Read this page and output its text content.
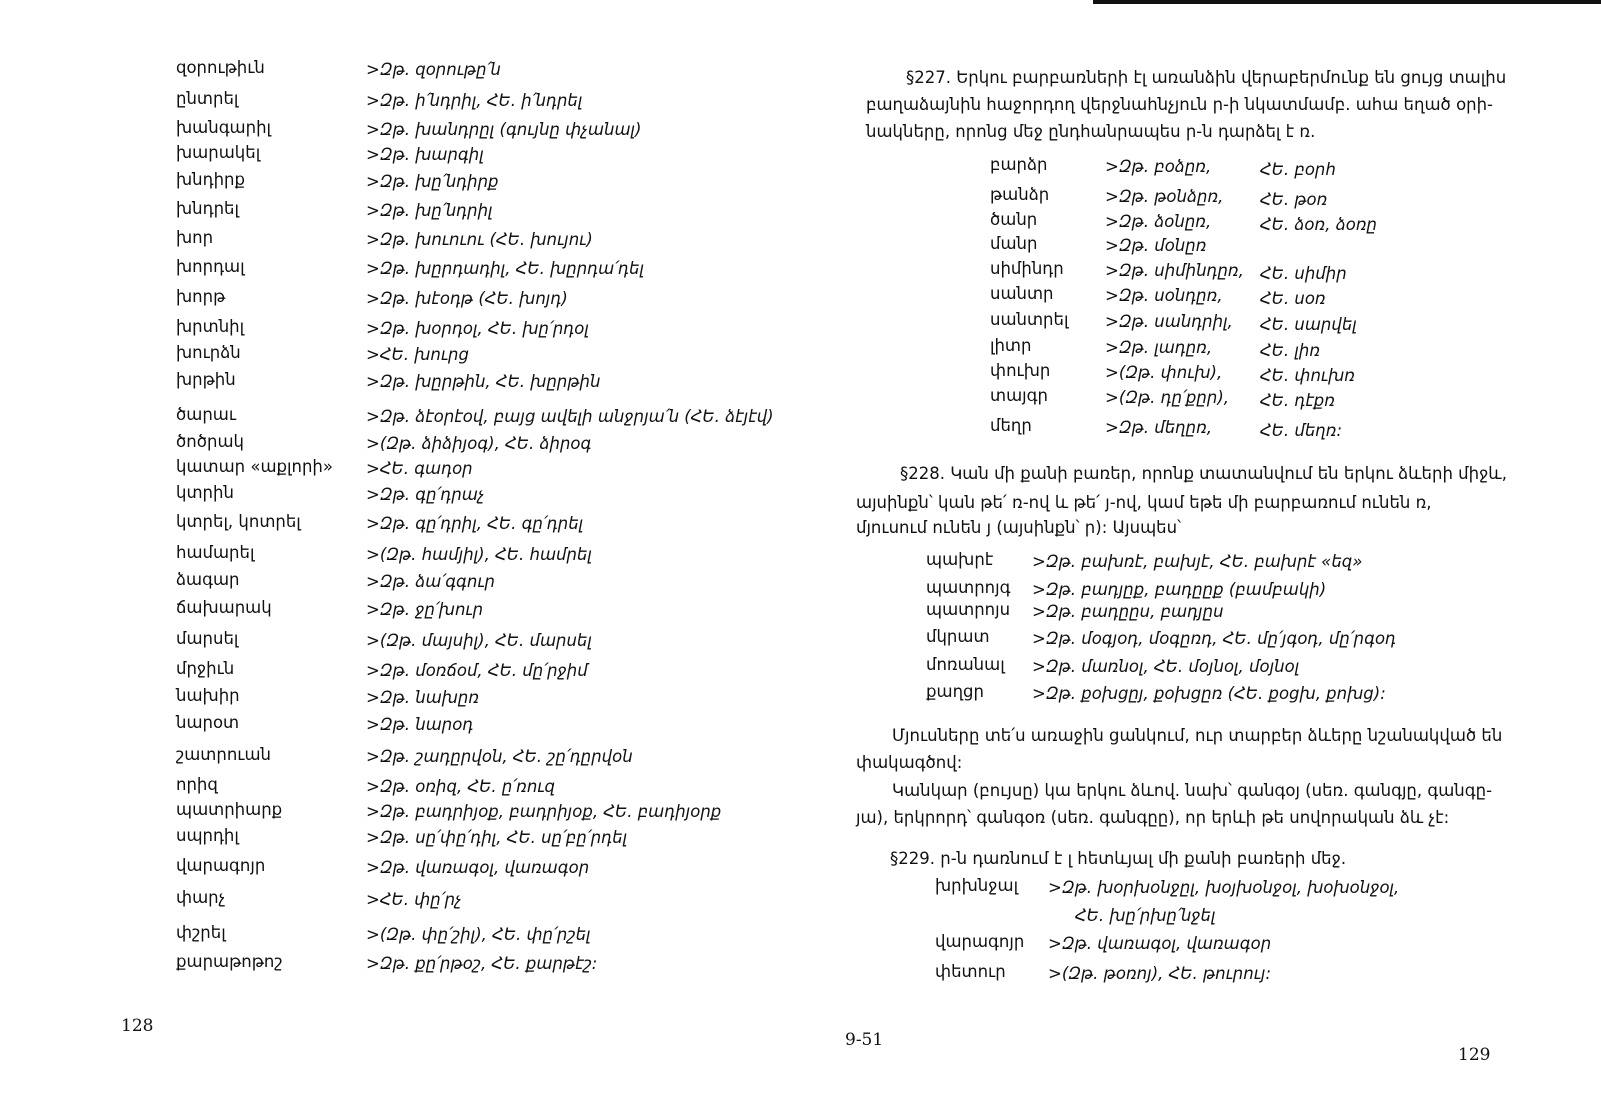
զօրութիւն	>Զթ. զօրութը՛ն
ընտրել	>Զթ. ի՛նդրիլ, ՀԵ. ի՛նդրել
խանգարիլ	>Զթ. խանդրըլ (գույնը փչանալ)
խարակել	>Զթ. խարգիլ
խնդիրք	>Զթ. խը՛նդիրք
խնդրել	>Զթ. խը՛նդրիլ
խոր	>Զթ. խուուու (ՀԵ. խույու)
խորդալ	>Զթ. խըրդադիլ, ՀԵ. խըրդա՛դել
խորթ	>Զթ. խէօդթ (ՀԵ. խոյդ)
խրտնիլ	>Զթ. խօրդօլ, ՀԵ. խը՛րդօլ
խուրձն	>ՀԵ. խուրց
խրթին	>Զթ. խըրթին, ՀԵ. խըրթին
ծարաւ	>Զթ. ձէօրէօվ, բայց ավելի անջրյա՛ն (ՀԵ. ձէյէվ)
ծոծրակ	>(Զթ. ձիձիյօգ), ՀԵ. ձիրօգ
կատար «աքլորի» >ՀԵ. գադօր
կտրին	>Զթ. գը՛դրաչ
կտրել, կոտրել	>Զթ. գը՛դրիլ, ՀԵ. գը՛դրել
համարել	>(Զթ. համյիլ), ՀԵ. համրել
ձագար	>Զթ. ձա՛գգուր
ճախարակ	>Զթ. ջը՛խուր
մարսել	>(Զթ. մայսիլ), ՀԵ. մարսել
մրջիւն	>Զթ. մօռճօմ, ՀԵ. մը՛րջիմ
նախիր	>Զթ. նախըռ
նարօտ	>Զթ. նարօդ
շատրուան	>Զթ. շադըրվօն, ՀԵ. շը՛դըրվօն
որիզ	>Զթ. օռիզ, ՀԵ. ը՛ռուզ
պատրիարք	>Զթ. բադրիյօք, բադրիյօք, ՀԵ. բադիյօրք
սպրդիլ	>Զթ. սը՛փը՛դիլ, ՀԵ. սը՛բը՛րդել
վարագոյր	>Զթ. վառագօլ, վառագօր
փարչ	>ՀԵ. փը՛րչ
փշրել	>(Զթ. փը՛շիլ), ՀԵ. փը՛րշել
քարաթոթոշ	>Զթ. քը՛րթօշ, ՀԵ. քարթէշ:
128
9-51
§227. Երկու բարբառների էլ առանձին վերաբերմունք են ցույց տալիս
բաղաձայնին հաջորդող վերջնահնչյուն ր-ի նկատմամբ. ահա եղած օրի-
նակները, որոնց մեջ ընդհանրապես ր-ն դարձել է ռ.
բարձր	>Զթ. բօձըռ,	ՀԵ. բօրհ
թանձր	>Զթ. թօնձըռ, ՀԵ. թօռ
ծանր	>Զթ. ձօնըռ,	ՀԵ. ձօռ, ձօռը
մանր	>Զթ. մօնըռ
սիմինդր	>Զթ. սիմինդըռ, ՀԵ. սիմիր
սանտր	>Զթ. սօնդըռ, ՀԵ. սօռ
սանտրել >Զթ. սանդրիլ, ՀԵ. սարվել
լիտր	>Զթ. լադըռ,	ՀԵ. լիռ
փուխր	>(Զթ. փուխ), ՀԵ. փուխռ
տայգր	>(Զթ. դը՛քըր), ՀԵ. դէքռ
մեղր	>Զթ. մեղըռ,	ՀԵ. մեղռ:
§228. Կան մի քանի բառեր, որոնք տատանվում են երկու ձևերի միջև,
այսինքն՝ կան թե՛ ռ-ով և թե՛ յ-ով, կամ եթե մի բարբառում ունեն ռ,
մյուսում ունեն յ (այսինքն՝ ր): Այսպես՝
պախրէ >Զթ. բախռէ, բախյէ, ՀԵ. բախրէ «եզ»
պատրոյգ >Զթ. բադյըք, բադըըք (բամբակի)
պատրոյս >Զթ. բադըըս, բադյըս
մկրատ	>Զթ. մօգյօդ, մօգըռդ, ՀԵ. մը՛յգօդ, մը՛րգօդ
մոռանալ >Զթ. մառնօլ, ՀԵ. մօյնօլ, մօյնօլ
քաղցր	>Զթ. քօխցըյ, քօխցըռ (ՀԵ. քօցխ, քոխց):
Մյուսները տե՛ս առաջին ցանկում, ուր տարբեր ձևերը նշանակված են
փակագծով:
Կանկար (բույսը) կա երկու ձևով. նախ՝ գանգօյ (սեռ. գանգյը, գանգը-
յա), երկրորդ՝ գանգօռ (սեռ. գանգըը), որ երևի թե սովորական ձև չէ:
§229. ր-ն դառնում է լ հետևյալ մի քանի բառերի մեջ.
խրխնջալ >Զթ. խօրխօնջըլ, խօյխօնջօլ, խօխօնջօլ,
ՀԵ. խը՛րխը՛նջել
վարագոյր >Զթ. վառագօլ, վառագօր
փետուր	>(Զթ. թօռոյ), ՀԵ. թուրույ:
129
